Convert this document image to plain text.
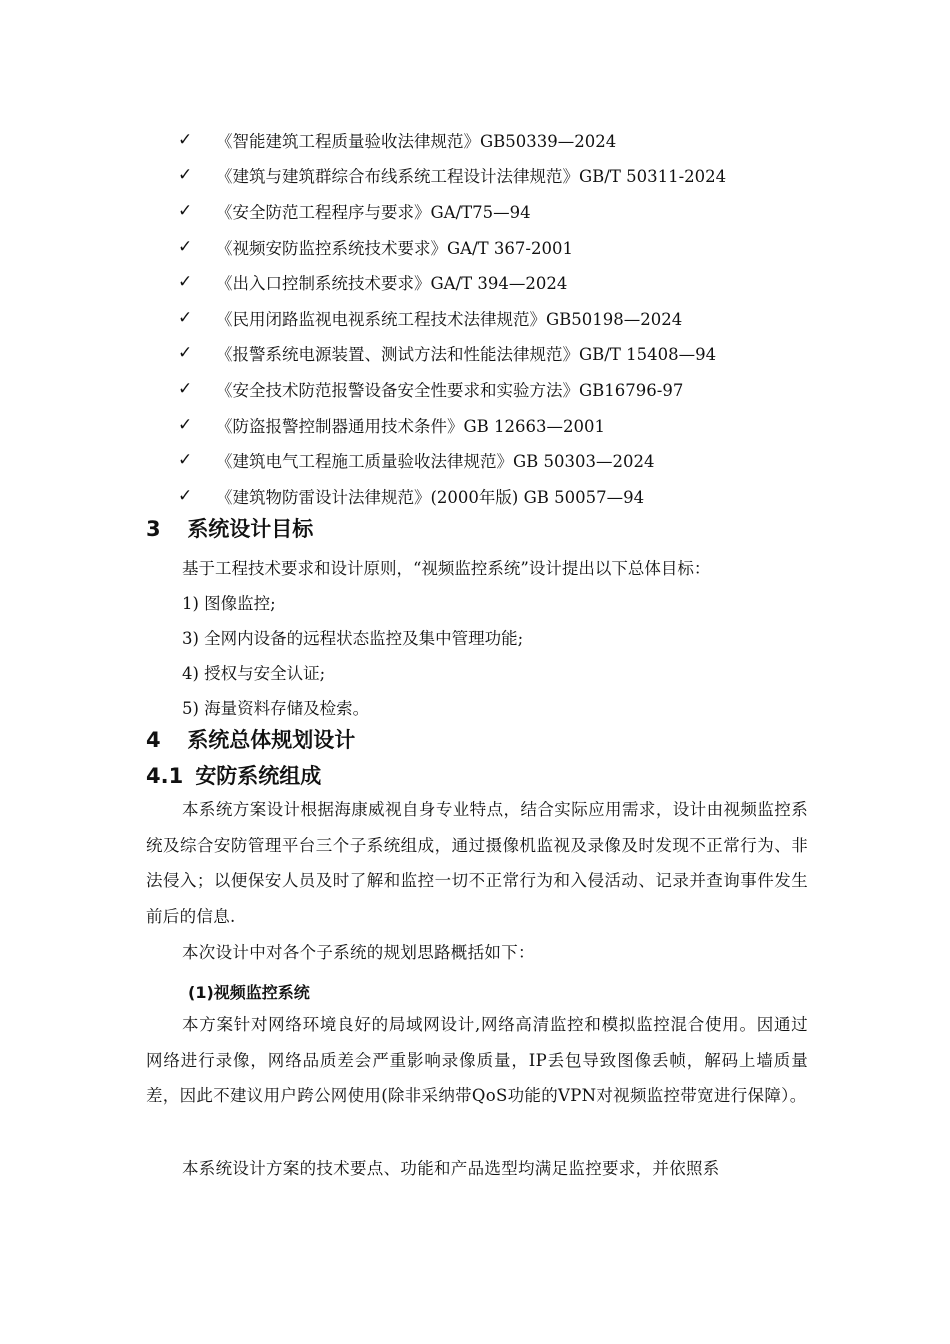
✓	《智能建筑工程质量验收法律规范》GB50339—2024
✓	《建筑与建筑群综合布线系统工程设计法律规范》GB/T 50311-2024
✓	《安全防范工程程序与要求》GA/T75—94
✓	《视频安防监控系统技术要求》GA/T 367-2001
✓	《出入口控制系统技术要求》GA/T 394—2024
✓	《民用闭路监视电视系统工程技术法律规范》GB50198—2024
✓	《报警系统电源装置、测试方法和性能法律规范》GB/T 15408—94
✓	《安全技术防范报警设备安全性要求和实验方法》GB16796-97
✓	《防盗报警控制器通用技术条件》GB 12663—2001
✓	《建筑电气工程施工质量验收法律规范》GB 50303—2024
✓	《建筑物防雷设计法律规范》(2000年版) GB 50057—94
3 系统设计目标
基于工程技术要求和设计原则，“视频监控系统”设计提出以下总体目标：
1) 图像监控;
3) 全网内设备的远程状态监控及集中管理功能;
4) 授权与安全认证;
5) 海量资料存储及检索。
4 系统总体规划设计
4.1 安防系统组成
本系统方案设计根据海康威视自身专业特点，结合实际应用需求，设计由视频监控系统及综合安防管理平台三个子系统组成，通过摄像机监视及录像及时发现不正常行为、非法侵入；以便保安人员及时了解和监控一切不正常行为和入侵活动、记录并查询事件发生前后的信息.
本次设计中对各个子系统的规划思路概括如下：
(1)视频监控系统
本方案针对网络环境良好的局域网设计,网络高清监控和模拟监控混合使用。因通过网络进行录像，网络品质差会严重影响录像质量，IP丢包导致图像丢帧，解码上墙质量差，因此不建议用户跨公网使用(除非采纳带QoS功能的VPN对视频监控带宽进行保障）。
本系统设计方案的技术要点、功能和产品选型均满足监控要求，并依照系
